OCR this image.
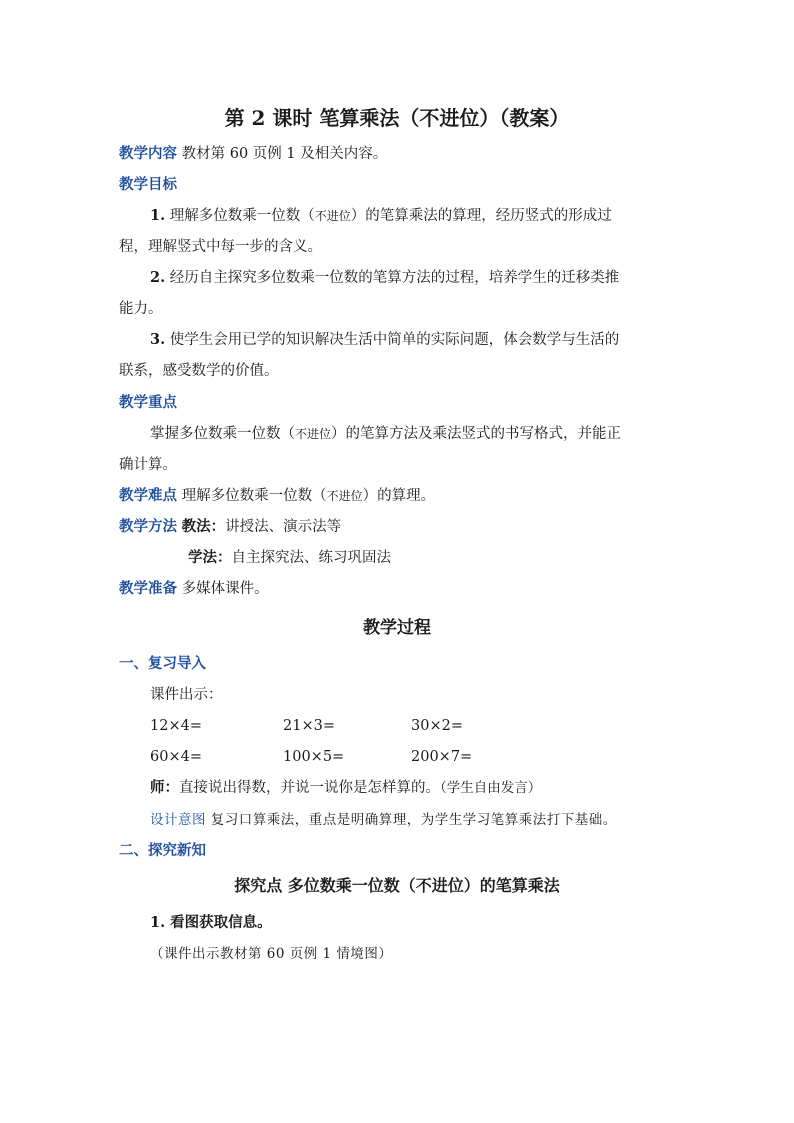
第 2 课时 笔算乘法（不进位）（教案）
教学内容 教材第 60 页例 1 及相关内容。
教学目标
1. 理解多位数乘一位数（不进位）的笔算乘法的算理，经历竖式的形成过
程，理解竖式中每一步的含义。
2. 经历自主探究多位数乘一位数的笔算方法的过程，培养学生的迁移类推
能力。
3. 使学生会用已学的知识解决生活中简单的实际问题，体会数学与生活的
联系，感受数学的价值。
教学重点
掌握多位数乘一位数（不进位）的笔算方法及乘法竖式的书写格式，并能正
确计算。
教学难点 理解多位数乘一位数（不进位）的算理。
教学方法 教法：讲授法、演示法等
学法：自主探究法、练习巩固法
教学准备 多媒体课件。
教学过程
一、复习导入
课件出示：
12×4=	21×3=	30×2=
60×4=	100×5=	200×7=
师：直接说出得数，并说一说你是怎样算的。（学生自由发言）
设计意图 复习口算乘法，重点是明确算理，为学生学习笔算乘法打下基础。
二、探究新知
探究点 多位数乘一位数（不进位）的笔算乘法
1. 看图获取信息。
（课件出示教材第 60 页例 1 情境图）
